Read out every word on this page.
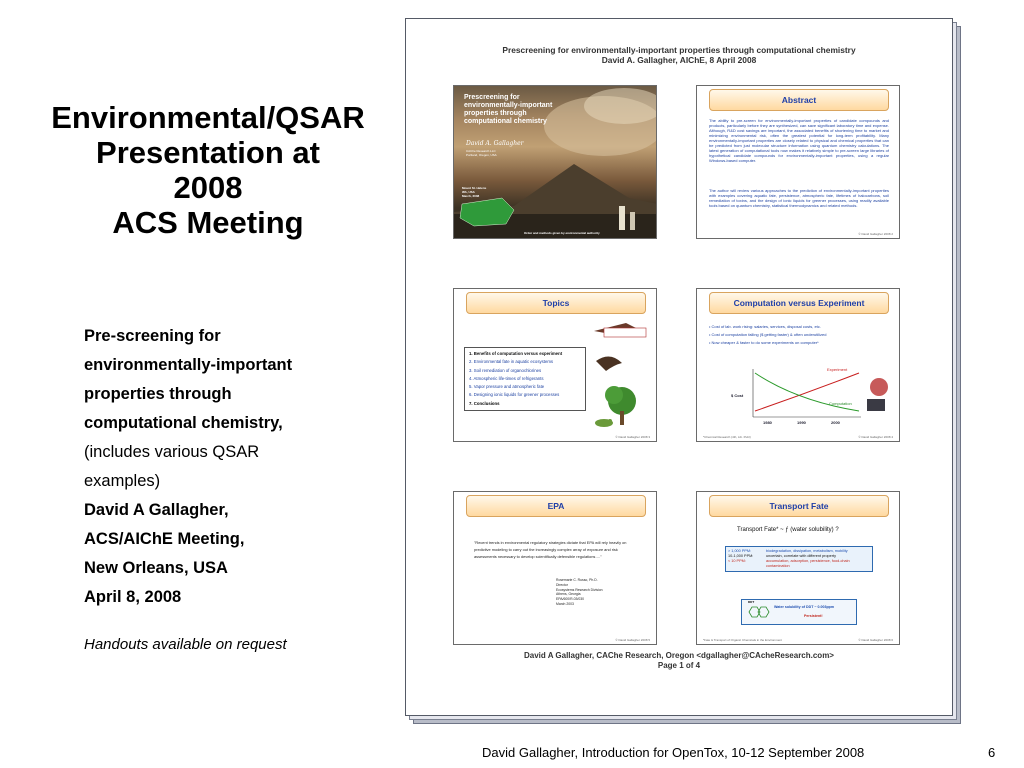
Environmental/QSAR
Presentation at
2008
ACS Meeting
Pre-screening for
environmentally-important
properties through
computational chemistry,
(includes various QSAR
examples)
David A Gallagher,
ACS/AIChE Meeting,
New Orleans, USA
April 8, 2008
Handouts available on request
Prescreening for environmentally-important properties through computational chemistry
David A. Gallagher, AIChE, 8 April 2008
Prescreening for
environmentally-important
properties through
computational chemistry
David A. Gallagher
CAChe Research LLC
Portland, Oregon, USA
Mount St. Helens
WA, USA
March, 2008
Order and methods given by environmental authority
Abstract
The ability to pre-screen for environmentally-important properties of candidate compounds and products, particularly before they are synthesized, can save significant laboratory time and expense. Although, R&D cost savings are important, the associated benefits of shortening time to market and minimizing environmental risk, often the greatest potential for long-term profitability. Many environmentally-important properties are closely related to physical and chemical properties that can be predicted from just molecular structure information using quantum chemistry calculations. The latest generation of computational tools now makes it relatively simple to pre-screen large libraries of hypothetical candidate compounds for environmentally-important properties, using a regular Windows-based computer.
The author will review various approaches to the prediction of environmentally-important properties with examples covering aquatic fate, persistence, atmospheric fate, lifetimes of halocarbons, soil remediation of toxins, and the design of ionic liquids for greener processes, using readily available tools based on quantum chemistry, statistical thermodynamics and related methods.
© David Gallagher 2008 2
Topics
1. Benefits of computation versus experiment
2. Environmental fate in aquatic ecosystems
3. Soil remediation of organochlorines
4. Atmospheric life-times of refrigerants
5. Vapor pressure and atmospheric fate
6. Designing ionic liquids for greener processes
7. Conclusions
© David Gallagher 2008 3
Computation versus Experiment
• Cost of lab. work rising: salaries, services, disposal costs, etc.
• Cost of computation falling ($ getting faster) & often underutilized
• Now cheaper & faster to do some experiments on computer*
$ Cost
Experiment
Computation
1980	1990	2000
*Chemical Research (4th, Lib. Publ)	© David Gallagher 2008 4
EPA
"Recent trends in environmental regulatory strategies dictate that EPA will rely heavily on predictive modeling to carry out the increasingly complex array of exposure and risk assessments necessary to develop scientifically defensible regulations…."
Rosemarie C. Russo, Ph.D.
Director
Ecosystems Research Division
Athens, Georgia
EPA/600/R-03/030
March 2003
© David Gallagher 2008 5
Transport Fate
Transport Fate* ~ ƒ (water solubility) ?
> 1,000 PPM:	biodegradation, dissipation, metabolism, mobility
10-1,000 PPM:	uncertain, correlate with different property
< 10 PPM:	accumulation, adsorption, persistence, food-chain contamination
DDT
Water solubility of DDT ~ 0.003ppm
Persistent!
*Fate & Transport of Organic Chemicals in the Environment	© David Gallagher 2008 6
David A Gallagher, CAChe Research, Oregon <dgallagher@CAcheResearch.com>
Page 1 of 4
David Gallagher, Introduction for OpenTox, 10-12 September 2008	6
